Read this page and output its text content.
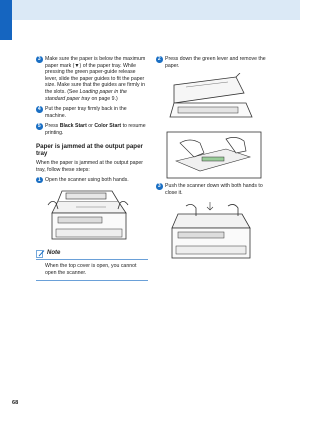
3 Make sure the paper is below the maximum paper mark (▼) of the paper tray. While pressing the green paper-guide release lever, slide the paper guides to fit the paper size. Make sure that the guides are firmly in the slots. (See Loading paper in the standard paper tray on page 9.)
4 Put the paper tray firmly back in the machine.
5 Press Black Start or Color Start to resume printing.
Paper is jammed at the output paper tray
When the paper is jammed at the output paper tray, follow these steps:
1 Open the scanner using both hands.
Note
When the top cover is open, you cannot open the scanner.
2 Press down the green lever and remove the paper.
3 Push the scanner down with both hands to close it.
68
